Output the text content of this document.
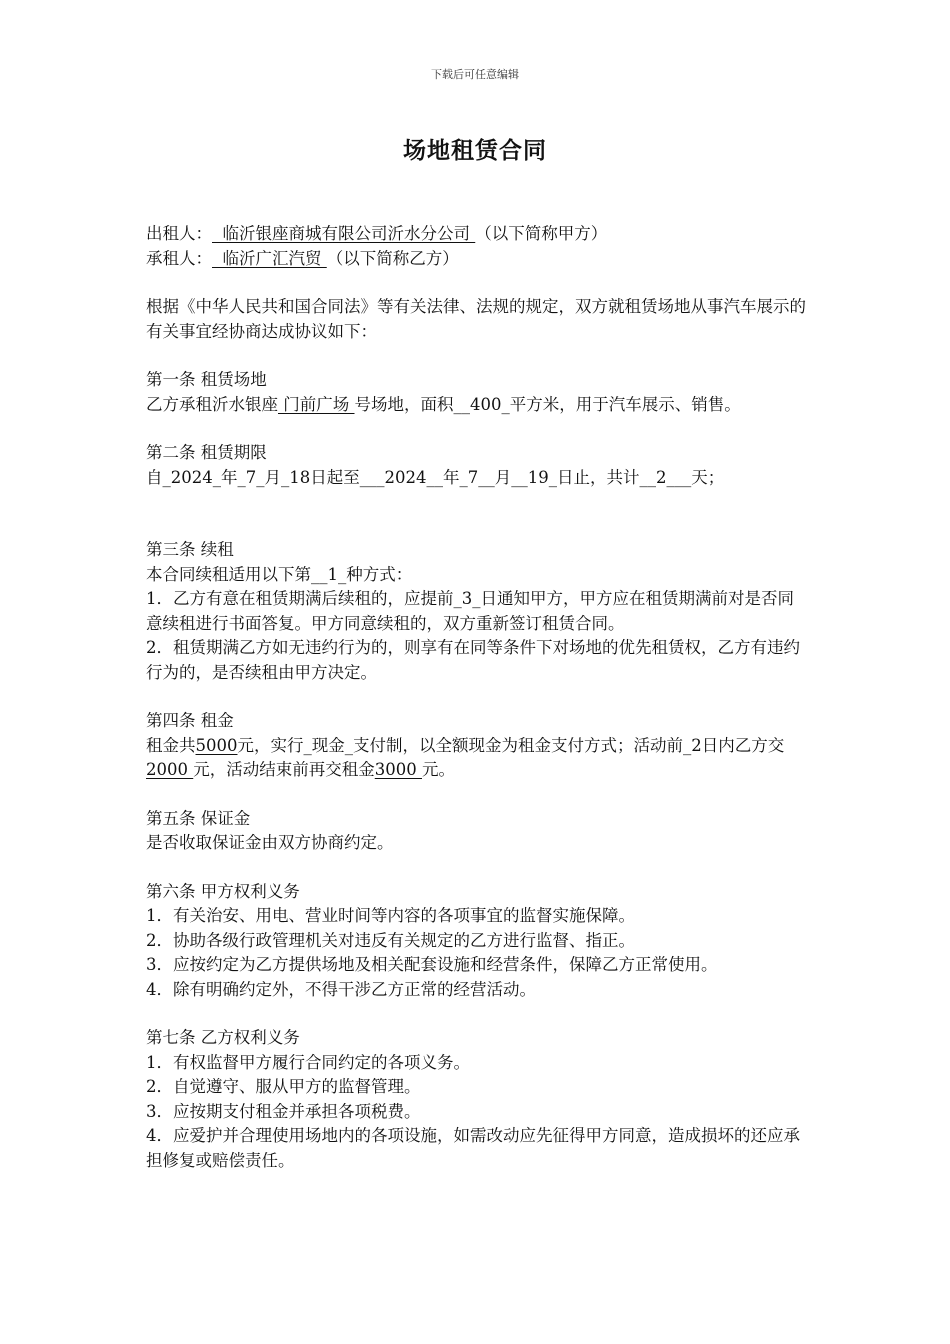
下载后可任意编辑
场地租赁合同
出租人：  临沂银座商城有限公司沂水分公司 （以下简称甲方）
承租人：  临沂广汇汽贸 （以下简称乙方）
根据《中华人民共和国合同法》等有关法律、法规的规定，双方就租赁场地从事汽车展示的有关事宜经协商达成协议如下：
第一条 租赁场地
乙方承租沂水银座 门前广场 号场地，面积__400_平方米，用于汽车展示、销售。
第二条 租赁期限
自_2024_年_7_月_18日起至___2024__年_7__月__19_日止，共计__2___天；
第三条 续租
本合同续租适用以下第__1_种方式：
1．乙方有意在租赁期满后续租的，应提前_3_日通知甲方，甲方应在租赁期满前对是否同意续租进行书面答复。甲方同意续租的，双方重新签订租赁合同。
2．租赁期满乙方如无违约行为的，则享有在同等条件下对场地的优先租赁权，乙方有违约行为的，是否续租由甲方决定。
第四条 租金
租金共5000元，实行_现金_支付制，以全额现金为租金支付方式；活动前_2日内乙方交 2000 元，活动结束前再交租金3000 元。
第五条 保证金
是否收取保证金由双方协商约定。
第六条 甲方权利义务
1．有关治安、用电、营业时间等内容的各项事宜的监督实施保障。
2．协助各级行政管理机关对违反有关规定的乙方进行监督、指正。
3．应按约定为乙方提供场地及相关配套设施和经营条件，保障乙方正常使用。
4．除有明确约定外，不得干涉乙方正常的经营活动。
第七条 乙方权利义务
1．有权监督甲方履行合同约定的各项义务。
2．自觉遵守、服从甲方的监督管理。
3．应按期支付租金并承担各项税费。
4．应爱护并合理使用场地内的各项设施，如需改动应先征得甲方同意，造成损坏的还应承担修复或赔偿责任。
